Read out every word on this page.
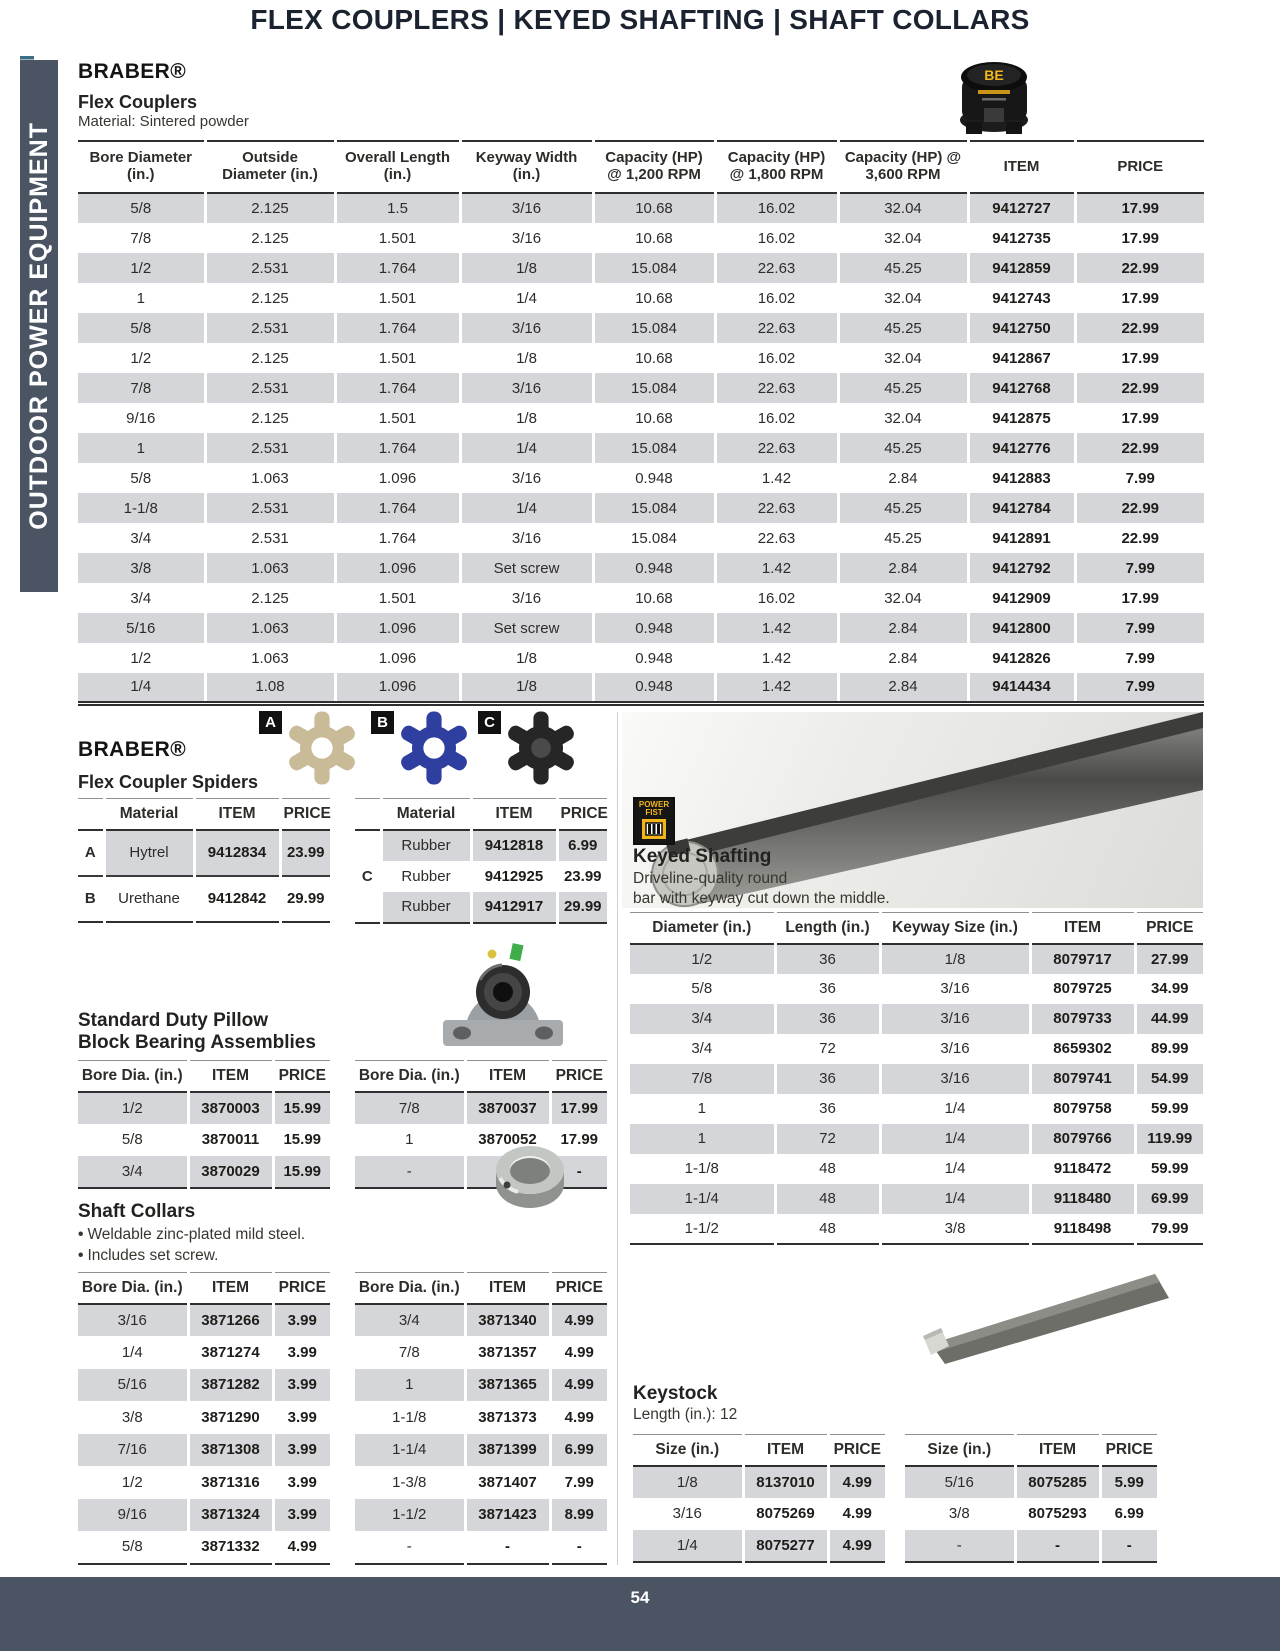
FLEX COUPLERS | KEYED SHAFTING | SHAFT COLLARS
OUTDOOR POWER EQUIPMENT
BRABER®
Flex Couplers
Material: Sintered powder
BE
Bore Diameter (in.)	Outside Diameter (in.)	Overall Length (in.)	Keyway Width (in.)	Capacity (HP) @ 1,200 RPM	Capacity (HP) @ 1,800 RPM	Capacity (HP) @ 3,600 RPM	ITEM	PRICE
5/8	2.125	1.5	3/16	10.68	16.02	32.04	9412727	17.99
7/8	2.125	1.501	3/16	10.68	16.02	32.04	9412735	17.99
1/2	2.531	1.764	1/8	15.084	22.63	45.25	9412859	22.99
1	2.125	1.501	1/4	10.68	16.02	32.04	9412743	17.99
5/8	2.531	1.764	3/16	15.084	22.63	45.25	9412750	22.99
1/2	2.125	1.501	1/8	10.68	16.02	32.04	9412867	17.99
7/8	2.531	1.764	3/16	15.084	22.63	45.25	9412768	22.99
9/16	2.125	1.501	1/8	10.68	16.02	32.04	9412875	17.99
1	2.531	1.764	1/4	15.084	22.63	45.25	9412776	22.99
5/8	1.063	1.096	3/16	0.948	1.42	2.84	9412883	7.99
1-1/8	2.531	1.764	1/4	15.084	22.63	45.25	9412784	22.99
3/4	2.531	1.764	3/16	15.084	22.63	45.25	9412891	22.99
3/8	1.063	1.096	Set screw	0.948	1.42	2.84	9412792	7.99
3/4	2.125	1.501	3/16	10.68	16.02	32.04	9412909	17.99
5/16	1.063	1.096	Set screw	0.948	1.42	2.84	9412800	7.99
1/2	1.063	1.096	1/8	0.948	1.42	2.84	9412826	7.99
1/4	1.08	1.096	1/8	0.948	1.42	2.84	9414434	7.99
A	B	C
BRABER®
Flex Coupler Spiders
	Material	ITEM	PRICE
A	Hytrel	9412834	23.99
B	Urethane	9412842	29.99
	Material	ITEM	PRICE
	Rubber	9412818	6.99
C	Rubber	9412925	23.99
	Rubber	9412917	29.99
POWER
FIST
Keyed Shafting
Driveline-quality round
bar with keyway cut down the middle.
Diameter (in.)	Length (in.)	Keyway Size (in.)	ITEM	PRICE
1/2	36	1/8	8079717	27.99
5/8	36	3/16	8079725	34.99
3/4	36	3/16	8079733	44.99
3/4	72	3/16	8659302	89.99
7/8	36	3/16	8079741	54.99
1	36	1/4	8079758	59.99
1	72	1/4	8079766	119.99
1-1/8	48	1/4	9118472	59.99
1-1/4	48	1/4	9118480	69.99
1-1/2	48	3/8	9118498	79.99
Standard Duty Pillow
Block Bearing Assemblies
Bore Dia. (in.)	ITEM	PRICE
1/2	3870003	15.99
5/8	3870011	15.99
3/4	3870029	15.99
Bore Dia. (in.)	ITEM	PRICE
7/8	3870037	17.99
1	3870052	17.99
-		-
Shaft Collars
• Weldable zinc-plated mild steel.
• Includes set screw.
Bore Dia. (in.)	ITEM	PRICE
3/16	3871266	3.99
1/4	3871274	3.99
5/16	3871282	3.99
3/8	3871290	3.99
7/16	3871308	3.99
1/2	3871316	3.99
9/16	3871324	3.99
5/8	3871332	4.99
Bore Dia. (in.)	ITEM	PRICE
3/4	3871340	4.99
7/8	3871357	4.99
1	3871365	4.99
1-1/8	3871373	4.99
1-1/4	3871399	6.99
1-3/8	3871407	7.99
1-1/2	3871423	8.99
-	-	-
Keystock
Length (in.): 12
Size (in.)	ITEM	PRICE
1/8	8137010	4.99
3/16	8075269	4.99
1/4	8075277	4.99
Size (in.)	ITEM	PRICE
5/16	8075285	5.99
3/8	8075293	6.99
-	-	-
54
